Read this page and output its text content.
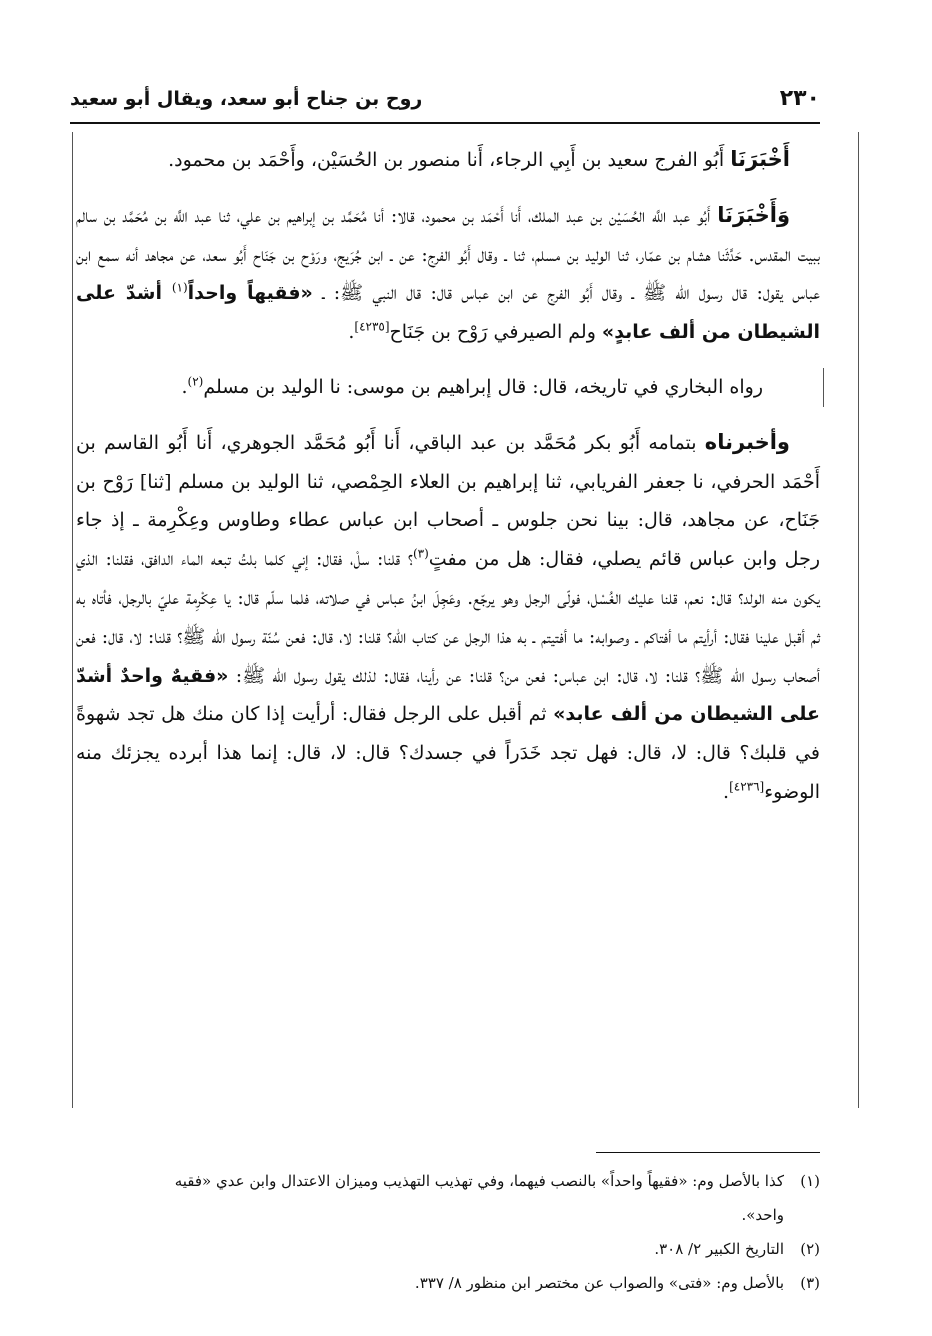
٢٣٠
روح بن جناح أبو سعد، ويقال أبو سعيد

أَخْبَرَنَا أَبُو الفرج سعيد بن أَبِي الرجاء، أَنا منصور بن الحُسَيْن، وأَحْمَد بن محمود.

وَأَخْبَرَنَا أَبُو عبد اللَّه الحُسَيْن بن عبد الملك، أَنا أَحْمَد بن محمود، قالا: أنا مُحَمَّد بن إبراهيم بن علي، ثنا عبد اللَّه بن مُحَمَّد بن سالم ببيت المقدس. حَدَّثَنا هشام بن عمّار، ثنا الوليد بن مسلم، ثنا ـ وقال أَبُو الفرج: عن ـ ابن جُرَيج، ورَوْح بن جَنَاح أَبُو سعد، عن مجاهد أنه سمع ابن عباس يقول: قال رسول الله ﷺ ـ وقال أَبُو الفرج عن ابن عباس قال: قال النبي ﷺ: ـ «فقيهاً واحداً$^{(١)}$ أشدّ على الشيطان من ألف عابدٍ» ولم الصيرفي رَوْح بن جَنَاح[٤٢٣٥].

رواه البخاري في تاريخه، قال: قال إبراهيم بن موسى: نا الوليد بن مسلم$^{(٢)}$.

وأخبرناه بتمامه أَبُو بكر مُحَمَّد بن عبد الباقي، أَنا أَبُو مُحَمَّد الجوهري، أَنا أَبُو القاسم بن أَحْمَد الحرفي، نا جعفر الفريابي، ثنا إبراهيم بن العلاء الحِمْصي، ثنا الوليد بن مسلم [ثنا] رَوْح بن جَنَاح، عن مجاهد، قال: بينا نحن جلوس ـ أصحاب ابن عباس عطاء وطاوس وعِكْرِمة ـ إذ جاء رجل وابن عباس قائم يصلي، فقال: هل من مفتٍ$^{(٣)}$؟ قلنا: سلْ، فقال: إني كلما بلتُ تبعه الماء الدافق، فقلنا: الذي يكون منه الولد؟ قال: نعم، قلنا عليك الغُسْل، فولّى الرجل وهو يرجّع. وعَجِلَ ابنُ عباس في صلاته، فلما سلّم قال: يا عِكْرِمة عليّ بالرجل، فأتاه به ثم أقبل علينا فقال: أرأيتم ما أفتاكم ـ وصوابه: ما أفتيتم ـ به هذا الرجل عن كتاب الله؟ قلنا: لا، قال: فعن سُنّة رسول الله ﷺ؟ قلنا: لا، قال: فعن أصحاب رسول الله ﷺ؟ قلنا: لا، قال: ابن عباس: فعن من؟ قلنا: عن رأينا، فقال: لذلك يقول رسول الله ﷺ: «فقيهٌ واحدٌ أشدّ على الشيطان من ألف عابد» ثم أقبل على الرجل فقال: أرأيت إذا كان منك هل تجد شهوةً في قلبك؟ قال: لا، قال: فهل تجد خَدَراً في جسدك؟ قال: لا، قال: إنما هذا أبرده يجزئك منه الوضوء[٤٢٣٦].

(١)كذا بالأصل وم: «فقيهاً واحداً» بالنصب فيهما، وفي تهذيب التهذيب وميزان الاعتدال وابن عدي «فقيه

واحد».

(٢)التاريخ الكبير ٢/ ٣٠٨.

(٣)بالأصل وم: «فتى» والصواب عن مختصر ابن منظور ٨/ ٣٣٧.
